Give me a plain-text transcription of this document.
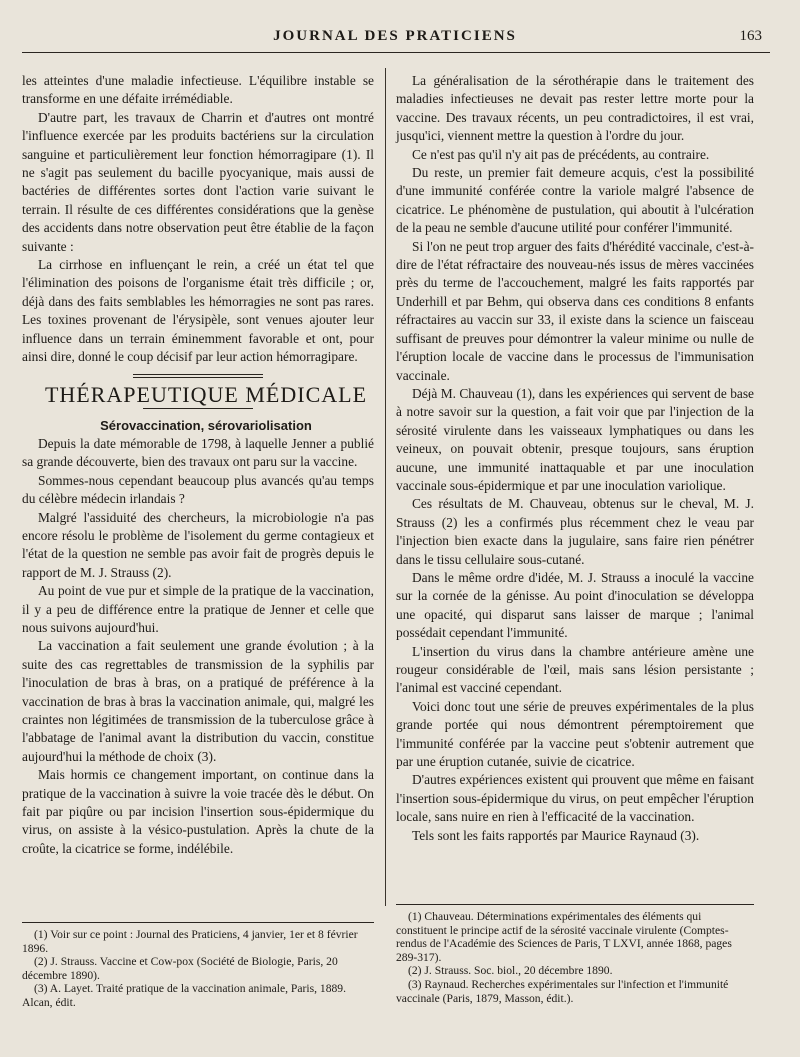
JOURNAL DES PRATICIENS	163

les atteintes d'une maladie infectieuse. L'équilibre instable se transforme en une défaite irrémédiable.

D'autre part, les travaux de Charrin et d'autres ont montré l'influence exercée par les produits bactériens sur la circulation sanguine et particulièrement leur fonction hémorragipare (1). Il ne s'agit pas seulement du bacille pyocyanique, mais aussi de bactéries de différentes sortes dont l'action varie suivant le terrain. Il résulte de ces différentes considérations que la genèse des accidents dans notre observation peut être établie de la façon suivante :

La cirrhose en influençant le rein, a créé un état tel que l'élimination des poisons de l'organisme était très difficile ; or, déjà dans des faits semblables les hémorragies ne sont pas rares. Les toxines provenant de l'érysipèle, sont venues ajouter leur influence dans un terrain éminemment favorable et ont, pour ainsi dire, donné le coup décisif par leur action hémorragipare.

THÉRAPEUTIQUE MÉDICALE

Sérovaccination, sérovariolisation

Depuis la date mémorable de 1798, à laquelle Jenner a publié sa grande découverte, bien des travaux ont paru sur la vaccine.

Sommes-nous cependant beaucoup plus avancés qu'au temps du célèbre médecin irlandais ?

Malgré l'assiduité des chercheurs, la microbiologie n'a pas encore résolu le problème de l'isolement du germe contagieux et l'état de la question ne semble pas avoir fait de progrès depuis le rapport de M. J. Strauss (2).

Au point de vue pur et simple de la pratique de la vaccination, il y a peu de différence entre la pratique de Jenner et celle que nous suivons aujourd'hui.

La vaccination a fait seulement une grande évolution ; à la suite des cas regrettables de transmission de la syphilis par l'inoculation de bras à bras, on a pratiqué de préférence à la vaccination de bras à bras la vaccination animale, qui, malgré les craintes non légitimées de transmission de la tuberculose grâce à l'abbatage de l'animal avant la distribution du vaccin, constitue aujourd'hui la méthode de choix (3).

Mais hormis ce changement important, on continue dans la pratique de la vaccination à suivre la voie tracée dès le début. On fait par piqûre ou par incision l'insertion sous-épidermique du virus, on assiste à la vésico-pustulation. Après la chute de la croûte, la cicatrice se forme, indélébile.

La généralisation de la sérothérapie dans le traitement des maladies infectieuses ne devait pas rester lettre morte pour la vaccine. Des travaux récents, un peu contradictoires, il est vrai, jusqu'ici, viennent mettre la question à l'ordre du jour.

Ce n'est pas qu'il n'y ait pas de précédents, au contraire.

Du reste, un premier fait demeure acquis, c'est la possibilité d'une immunité conférée contre la variole malgré l'absence de cicatrice. Le phénomène de pustulation, qui aboutit à l'ulcération de la peau ne semble d'aucune utilité pour conférer l'immunité.

Si l'on ne peut trop arguer des faits d'hérédité vaccinale, c'est-à-dire de l'état réfractaire des nouveau-nés issus de mères vaccinées près du terme de l'accouchement, malgré les faits rapportés par Underhill et par Behm, qui observa dans ces conditions 8 enfants réfractaires au vaccin sur 33, il existe dans la science un faisceau suffisant de preuves pour démontrer la valeur minime ou nulle de l'éruption locale de vaccine dans le processus de l'immunisation vaccinale.

Déjà M. Chauveau (1), dans les expériences qui servent de base à notre savoir sur la question, a fait voir que par l'injection de la sérosité virulente dans les vaisseaux lymphatiques ou dans les veineux, on pouvait obtenir, presque toujours, sans éruption aucune, une immunité inattaquable et par une inoculation vaccinale sous-épidermique et par une inoculation variolique.

Ces résultats de M. Chauveau, obtenus sur le cheval, M. J. Strauss (2) les a confirmés plus récemment chez le veau par l'injection bien exacte dans la jugulaire, sans faire rien pénétrer dans le tissu cellulaire sous-cutané.

Dans le même ordre d'idée, M. J. Strauss a inoculé la vaccine sur la cornée de la génisse. Au point d'inoculation se développa une opacité, qui disparut sans laisser de marque ; l'animal possédait cependant l'immunité.

L'insertion du virus dans la chambre antérieure amène une rougeur considérable de l'œil, mais sans lésion persistante ; l'animal est vacciné cependant.

Voici donc tout une série de preuves expérimentales de la plus grande portée qui nous démontrent péremptoirement que l'immunité conférée par la vaccine peut s'obtenir autrement que par une éruption cutanée, suivie de cicatrice.

D'autres expériences existent qui prouvent que même en faisant l'insertion sous-épidermique du virus, on peut empêcher l'éruption locale, sans nuire en rien à l'efficacité de la vaccination.

Tels sont les faits rapportés par Maurice Raynaud (3).

(1) Voir sur ce point : Journal des Praticiens, 4 janvier, 1er et 8 février 1896.

(2) J. Strauss. Vaccine et Cow-pox (Société de Biologie, Paris, 20 décembre 1890).

(3) A. Layet. Traité pratique de la vaccination animale, Paris, 1889. Alcan, édit.

(1) Chauveau. Déterminations expérimentales des éléments qui constituent le principe actif de la sérosité vaccinale virulente (Comptes-rendus de l'Académie des Sciences de Paris, T LXVI, année 1868, pages 289-317).

(2) J. Strauss. Soc. biol., 20 décembre 1890.

(3) Raynaud. Recherches expérimentales sur l'infection et l'immunité vaccinale (Paris, 1879, Masson, édit.).
